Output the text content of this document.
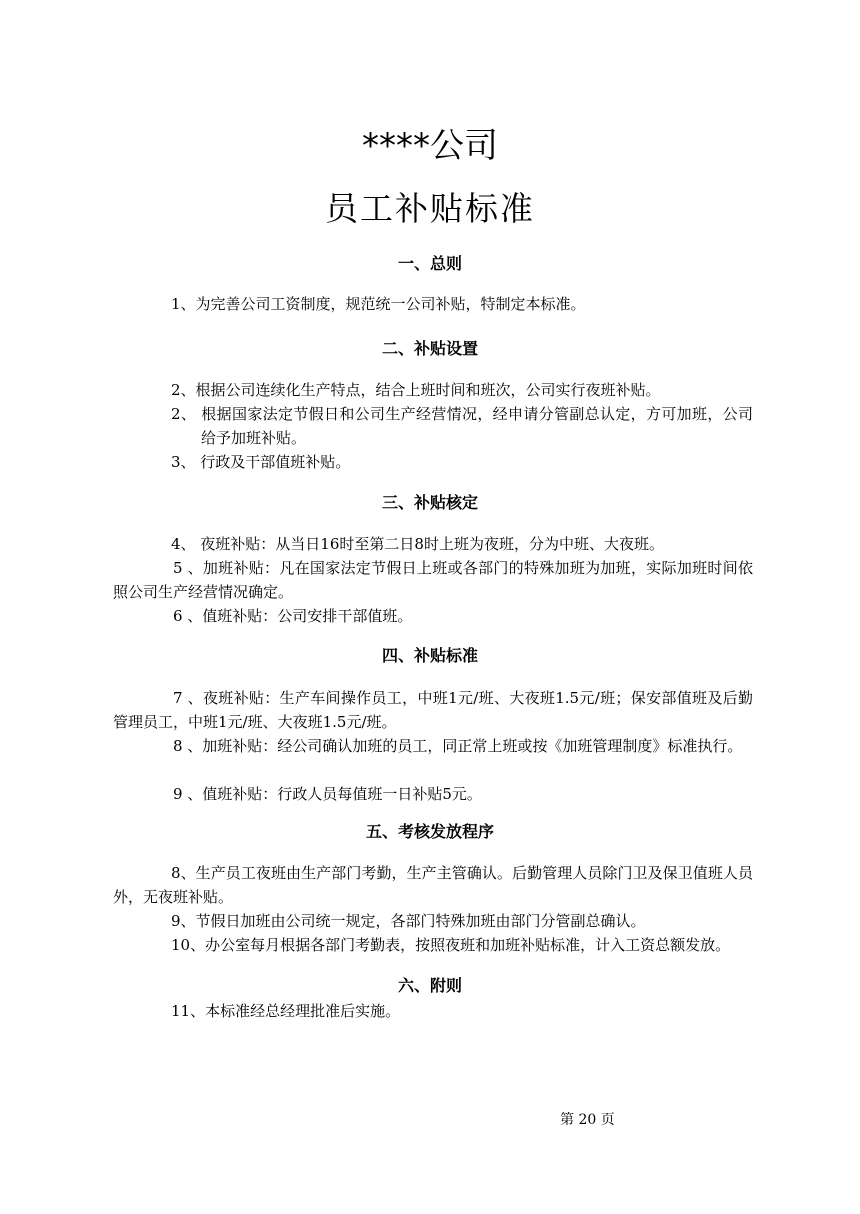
****公司
员工补贴标准
一、总则

1、为完善公司工资制度，规范统一公司补贴，特制定本标准。

二、补贴设置

2、根据公司连续化生产特点，结合上班时间和班次，公司实行夜班补贴。

2、 根据国家法定节假日和公司生产经营情况，经申请分管副总认定，方可加班，公司给予加班补贴。

3、 行政及干部值班补贴。

三、补贴核定

4、 夜班补贴：从当日16时至第二日8时上班为夜班，分为中班、大夜班。

5 、加班补贴：凡在国家法定节假日上班或各部门的特殊加班为加班，实际加班时间依照公司生产经营情况确定。

6 、值班补贴：公司安排干部值班。

四、补贴标准

7 、夜班补贴：生产车间操作员工，中班1元/班、大夜班1.5元/班；保安部值班及后勤管理员工，中班1元/班、大夜班1.5元/班。

8 、加班补贴：经公司确认加班的员工，同正常上班或按《加班管理制度》标准执行。

9 、值班补贴：行政人员每值班一日补贴5元。

五、考核发放程序

8、生产员工夜班由生产部门考勤，生产主管确认。后勤管理人员除门卫及保卫值班人员外，无夜班补贴。

9、节假日加班由公司统一规定，各部门特殊加班由部门分管副总确认。

10、办公室每月根据各部门考勤表，按照夜班和加班补贴标准，计入工资总额发放。

六、附则

11、本标准经总经理批准后实施。

第 20 页
